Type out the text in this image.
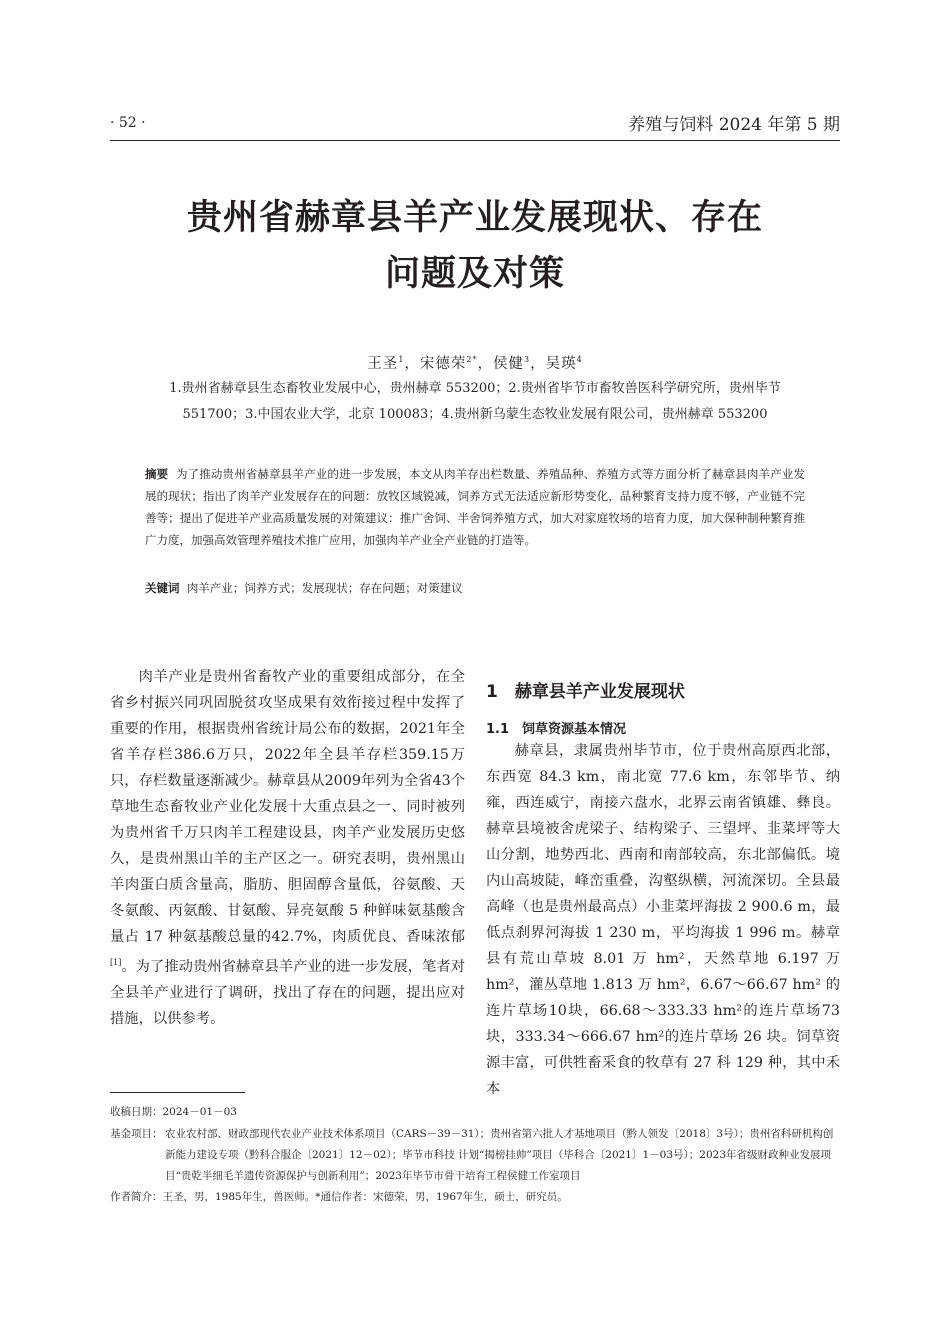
· 52 ·	养殖与饲料 2024 年第 5 期
贵州省赫章县羊产业发展现状、存在
问题及对策
王圣$^1$，宋德荣$^{2*}$，侯健$^3$，吴瑛$^4$
1.贵州省赫章县生态畜牧业发展中心，贵州赫章 553200；2.贵州省毕节市畜牧兽医科学研究所，贵州毕节
551700；3.中国农业大学，北京 100083；4.贵州新乌蒙生态牧业发展有限公司，贵州赫章 553200
摘要 为了推动贵州省赫章县羊产业的进一步发展，本文从肉羊存出栏数量、养殖品种、养殖方式等方面分析了赫章县肉羊产业发展的现状；指出了肉羊产业发展存在的问题：放牧区域锐减，饲养方式无法适应新形势变化，品种繁育支持力度不够，产业链不完善等；提出了促进羊产业高质量发展的对策建议：推广舍饲、半舍饲养殖方式，加大对家庭牧场的培育力度，加大保种制种繁育推广力度，加强高效管理养殖技术推广应用，加强肉羊产业全产业链的打造等。
关键词 肉羊产业；饲养方式；发展现状；存在问题；对策建议

肉羊产业是贵州省畜牧产业的重要组成部分，在全省乡村振兴同巩固脱贫攻坚成果有效衔接过程中发挥了重要的作用，根据贵州省统计局公布的数据，2021年全省羊存栏386.6万只，2022年全县羊存栏359.15万只，存栏数量逐渐减少。赫章县从2009年列为全省43个草地生态畜牧业产业化发展十大重点县之一、同时被列为贵州省千万只肉羊工程建设县，肉羊产业发展历史悠久，是贵州黑山羊的主产区之一。研究表明，贵州黑山羊肉蛋白质含量高，脂肪、胆固醇含量低，谷氨酸、天冬氨酸、丙氨酸、甘氨酸、异亮氨酸 5 种鲜味氨基酸含量占 17 种氨基酸总量的42.7%，肉质优良、香味浓郁[1]。为了推动贵州省赫章县羊产业的进一步发展，笔者对全县羊产业进行了调研，找出了存在的问题，提出应对措施，以供参考。

1　赫章县羊产业发展现状
1.1　饲草资源基本情况

赫章县，隶属贵州毕节市，位于贵州高原西北部，东西宽 84.3 km，南北宽 77.6 km，东邻毕节、纳雍，西连威宁，南接六盘水，北界云南省镇雄、彝良。赫章县境被舍虎梁子、结构梁子、三望坪、韭菜坪等大山分割，地势西北、西南和南部较高，东北部偏低。境内山高坡陡，峰峦重叠，沟壑纵横，河流深切。全县最高峰（也是贵州最高点）小韭菜坪海拔 2 900.6 m，最低点刹界河海拔 1 230 m，平均海拔 1 996 m。赫章县有荒山草坡 8.01 万 hm²，天然草地 6.197 万 hm²，灌丛草地 1.813 万 hm²，6.67～66.67 hm² 的连片草场10块，66.68～333.33 hm²的连片草场73块，333.34～666.67 hm²的连片草场 26 块。饲草资源丰富，可供牲畜采食的牧草有 27 科 129 种，其中禾本

收稿日期：2024－01－03
基金项目： 农业农村部、财政部现代农业产业技术体系项目（CARS－39－31）；贵州省第六批人才基地项目（黔人领发〔2018〕3号）；贵州省科研机构创新能力建设专项（黔科合服企〔2021〕12－02）；毕节市科技 计划“揭榜挂帅”项目（毕科合〔2021〕1－03号）；2023年省级财政种业发展项目“贵乾半细毛羊遗传资源保护与创新利用”；2023年毕节市骨干培育工程侯健工作室项目
作者简介：王圣，男，1985年生，兽医师。*通信作者：宋德荣，男，1967年生，硕士，研究员。
